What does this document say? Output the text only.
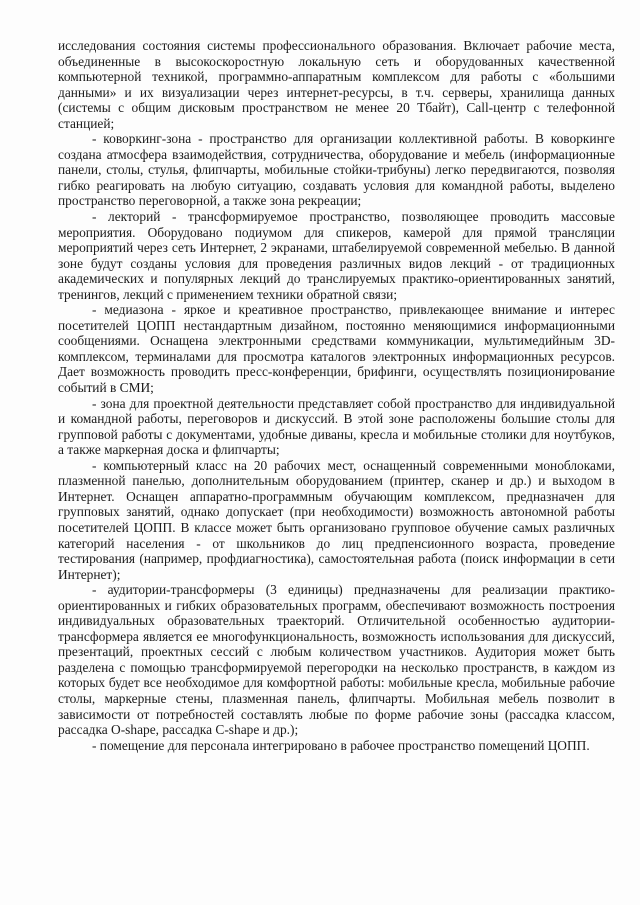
исследования состояния системы профессионального образования. Включает рабочие места, объединенные в высокоскоростную локальную сеть и оборудованных качественной компьютерной техникой, программно-аппаратным комплексом для работы с «большими данными» и их визуализации через интернет-ресурсы, в т.ч. серверы, хранилища данных (системы с общим дисковым пространством не менее 20 Тбайт), Call-центр с телефонной станцией;

- коворкинг-зона - пространство для организации коллективной работы. В коворкинге создана атмосфера взаимодействия, сотрудничества, оборудование и мебель (информационные панели, столы, стулья, флипчарты, мобильные стойки-трибуны) легко передвигаются, позволяя гибко реагировать на любую ситуацию, создавать условия для командной работы, выделено пространство переговорной, а также зона рекреации;

- лекторий - трансформируемое пространство, позволяющее проводить массовые мероприятия. Оборудовано подиумом для спикеров, камерой для прямой трансляции мероприятий через сеть Интернет, 2 экранами, штабелируемой современной мебелью. В данной зоне будут созданы условия для проведения различных видов лекций - от традиционных академических и популярных лекций до транслируемых практико-ориентированных занятий, тренингов, лекций с применением техники обратной связи;

- медиазона - яркое и креативное пространство, привлекающее внимание и интерес посетителей ЦОПП нестандартным дизайном, постоянно меняющимися информационными сообщениями. Оснащена электронными средствами коммуникации, мультимедийным 3D-комплексом, терминалами для просмотра каталогов электронных информационных ресурсов. Дает возможность проводить пресс-конференции, брифинги, осуществлять позиционирование событий в СМИ;

- зона для проектной деятельности представляет собой пространство для индивидуальной и командной работы, переговоров и дискуссий. В этой зоне расположены большие столы для групповой работы с документами, удобные диваны, кресла и мобильные столики для ноутбуков, а также маркерная доска и флипчарты;

- компьютерный класс на 20 рабочих мест, оснащенный современными моноблоками, плазменной панелью, дополнительным оборудованием (принтер, сканер и др.) и выходом в Интернет. Оснащен аппаратно-программным обучающим комплексом, предназначен для групповых занятий, однако допускает (при необходимости) возможность автономной работы посетителей ЦОПП. В классе может быть организовано групповое обучение самых различных категорий населения - от школьников до лиц предпенсионного возраста, проведение тестирования (например, профдиагностика), самостоятельная работа (поиск информации в сети Интернет);

- аудитории-трансформеры (3 единицы) предназначены для реализации практико-ориентированных и гибких образовательных программ, обеспечивают возможность построения индивидуальных образовательных траекторий. Отличительной особенностью аудитории-трансформера является ее многофункциональность, возможность использования для дискуссий, презентаций, проектных сессий с любым количеством участников. Аудитория может быть разделена с помощью трансформируемой перегородки на несколько пространств, в каждом из которых будет все необходимое для комфортной работы: мобильные кресла, мобильные рабочие столы, маркерные стены, плазменная панель, флипчарты. Мобильная мебель позволит в зависимости от потребностей составлять любые по форме рабочие зоны (рассадка классом, рассадка О-shape, рассадка С-shape и др.);

- помещение для персонала интегрировано в рабочее пространство помещений ЦОПП.
